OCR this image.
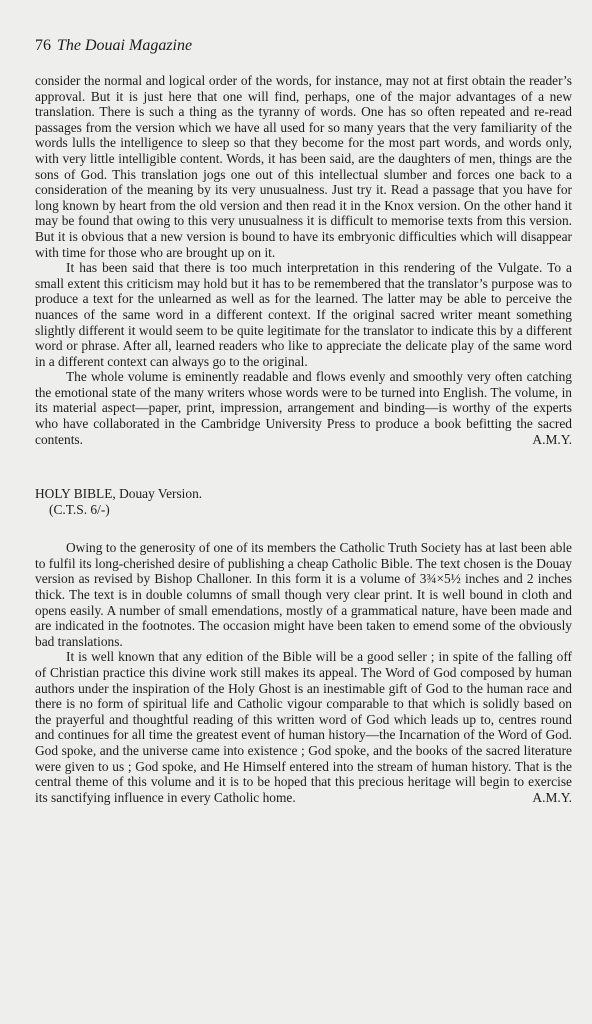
76 The Douai Magazine

consider the normal and logical order of the words, for instance, may not at first obtain the reader’s approval. But it is just here that one will find, perhaps, one of the major advantages of a new translation. There is such a thing as the tyranny of words. One has so often repeated and re-read passages from the version which we have all used for so many years that the very familiarity of the words lulls the intelligence to sleep so that they become for the most part words, and words only, with very little intelligible content. Words, it has been said, are the daughters of men, things are the sons of God. This translation jogs one out of this intellectual slumber and forces one back to a consideration of the meaning by its very unusualness. Just try it. Read a passage that you have for long known by heart from the old version and then read it in the Knox version. On the other hand it may be found that owing to this very unusualness it is difficult to memorise texts from this version. But it is obvious that a new version is bound to have its embryonic difficulties which will disappear with time for those who are brought up on it.

It has been said that there is too much interpretation in this rendering of the Vulgate. To a small extent this criticism may hold but it has to be remembered that the translator’s purpose was to produce a text for the unlearned as well as for the learned. The latter may be able to perceive the nuances of the same word in a different context. If the original sacred writer meant something slightly different it would seem to be quite legitimate for the translator to indicate this by a different word or phrase. After all, learned readers who like to appreciate the delicate play of the same word in a different context can always go to the original.

The whole volume is eminently readable and flows evenly and smoothly very often catching the emotional state of the many writers whose words were to be turned into English. The volume, in its material aspect—paper, print, impression, arrangement and binding—is worthy of the experts who have collaborated in the Cambridge University Press to produce a book befitting the sacred contents.	A.M.Y.

HOLY BIBLE, Douay Version.
(C.T.S. 6/-)

Owing to the generosity of one of its members the Catholic Truth Society has at last been able to fulfil its long-cherished desire of publishing a cheap Catholic Bible. The text chosen is the Douay version as revised by Bishop Challoner. In this form it is a volume of 3¾×5½ inches and 2 inches thick. The text is in double columns of small though very clear print. It is well bound in cloth and opens easily. A number of small emendations, mostly of a grammatical nature, have been made and are indicated in the footnotes. The occasion might have been taken to emend some of the obviously bad translations.

It is well known that any edition of the Bible will be a good seller ; in spite of the falling off of Christian practice this divine work still makes its appeal. The Word of God composed by human authors under the inspiration of the Holy Ghost is an inestimable gift of God to the human race and there is no form of spiritual life and Catholic vigour comparable to that which is solidly based on the prayerful and thoughtful reading of this written word of God which leads up to, centres round and continues for all time the greatest event of human history—the Incarnation of the Word of God. God spoke, and the universe came into existence ; God spoke, and the books of the sacred literature were given to us ; God spoke, and He Himself entered into the stream of human history. That is the central theme of this volume and it is to be hoped that this precious heritage will begin to exercise its sanctifying influence in every Catholic home.	A.M.Y.
